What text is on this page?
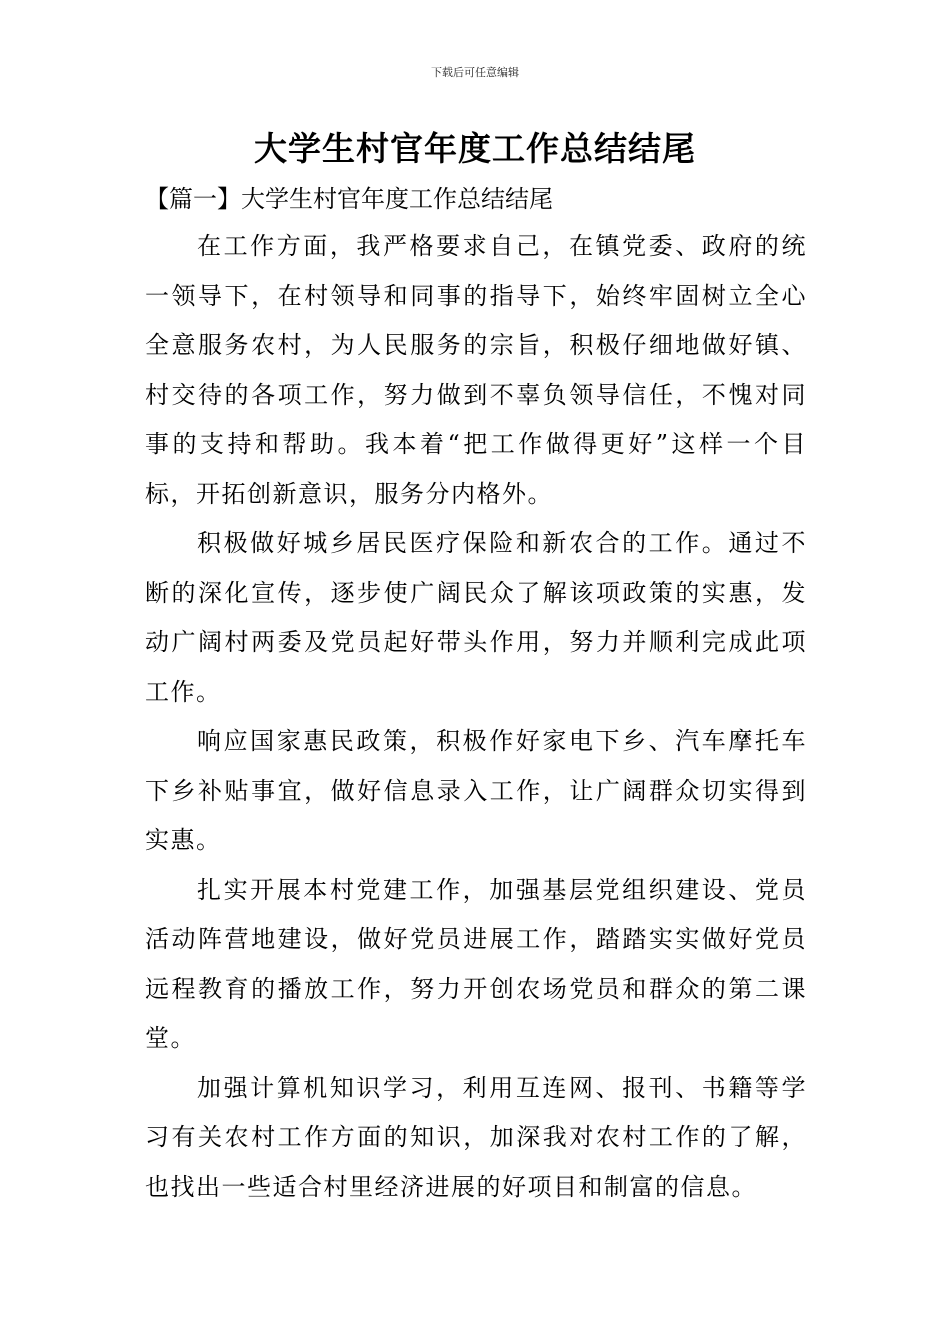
下载后可任意编辑
大学生村官年度工作总结结尾
【篇一】大学生村官年度工作总结结尾

在工作方面，我严格要求自己，在镇党委、政府的统一领导下，在村领导和同事的指导下，始终牢固树立全心全意服务农村，为人民服务的宗旨，积极仔细地做好镇、村交待的各项工作，努力做到不辜负领导信任，不愧对同事的支持和帮助。我本着“把工作做得更好”这样一个目标，开拓创新意识，服务分内格外。

积极做好城乡居民医疗保险和新农合的工作。通过不断的深化宣传，逐步使广阔民众了解该项政策的实惠，发动广阔村两委及党员起好带头作用，努力并顺利完成此项工作。

响应国家惠民政策，积极作好家电下乡、汽车摩托车下乡补贴事宜，做好信息录入工作，让广阔群众切实得到实惠。

扎实开展本村党建工作，加强基层党组织建设、党员活动阵营地建设，做好党员进展工作，踏踏实实做好党员远程教育的播放工作，努力开创农场党员和群众的第二课堂。

加强计算机知识学习，利用互连网、报刊、书籍等学习有关农村工作方面的知识，加深我对农村工作的了解，也找出一些适合村里经济进展的好项目和制富的信息。
